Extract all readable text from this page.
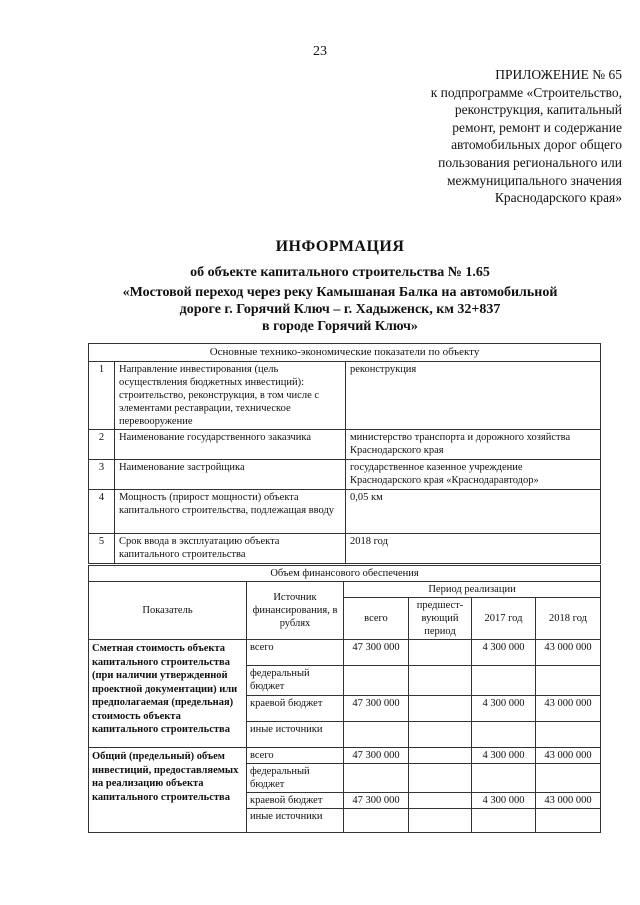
23
ПРИЛОЖЕНИЕ № 65
к подпрограмме «Строительство,
реконструкция, капитальный
ремонт, ремонт и содержание
автомобильных дорог общего
пользования регионального или
межмуниципального значения
Краснодарского края»
ИНФОРМАЦИЯ
об объекте капитального строительства № 1.65
«Мостовой переход через реку Камышаная Балка на автомобильной
дороге г. Горячий Ключ – г. Хадыженск, км 32+837
в городе Горячий Ключ»
Основные технико-экономические показатели по объекту		
1	Направление инвестирования (цель осуществления бюджетных инвестиций): строительство, реконструкция, в том числе с элементами реставрации, техническое перевооружение	реконструкция
2	Наименование государственного заказчика	министерство транспорта и дорожного хозяйства Краснодарского края
3	Наименование застройщика	государственное казенное учреждение Краснодарского края «Краснодаравтодор»
4	Мощность (прирост мощности) объекта капитального строительства, подлежащая вводу	0,05 км
5	Срок ввода в эксплуатацию объекта капитального строительства	2018 год
Объем финансового обеспечения					
Показатель	Источник финансирования, в рублях	Период реализации			
		всего	предшест-вующий период	2017 год	2018 год
Сметная стоимость объекта капитального строительства (при наличии утвержденной проектной документации) или предполагаемая (предельная) стоимость объекта капитального строительства	всего	47 300 000		4 300 000	43 000 000
	федеральный бюджет				
	краевой бюджет	47 300 000		4 300 000	43 000 000
	иные источники				
Общий (предельный) объем инвестиций, предоставляемых на реализацию объекта капитального строительства	всего	47 300 000		4 300 000	43 000 000
	федеральный бюджет				
	краевой бюджет	47 300 000		4 300 000	43 000 000
	иные источники				
